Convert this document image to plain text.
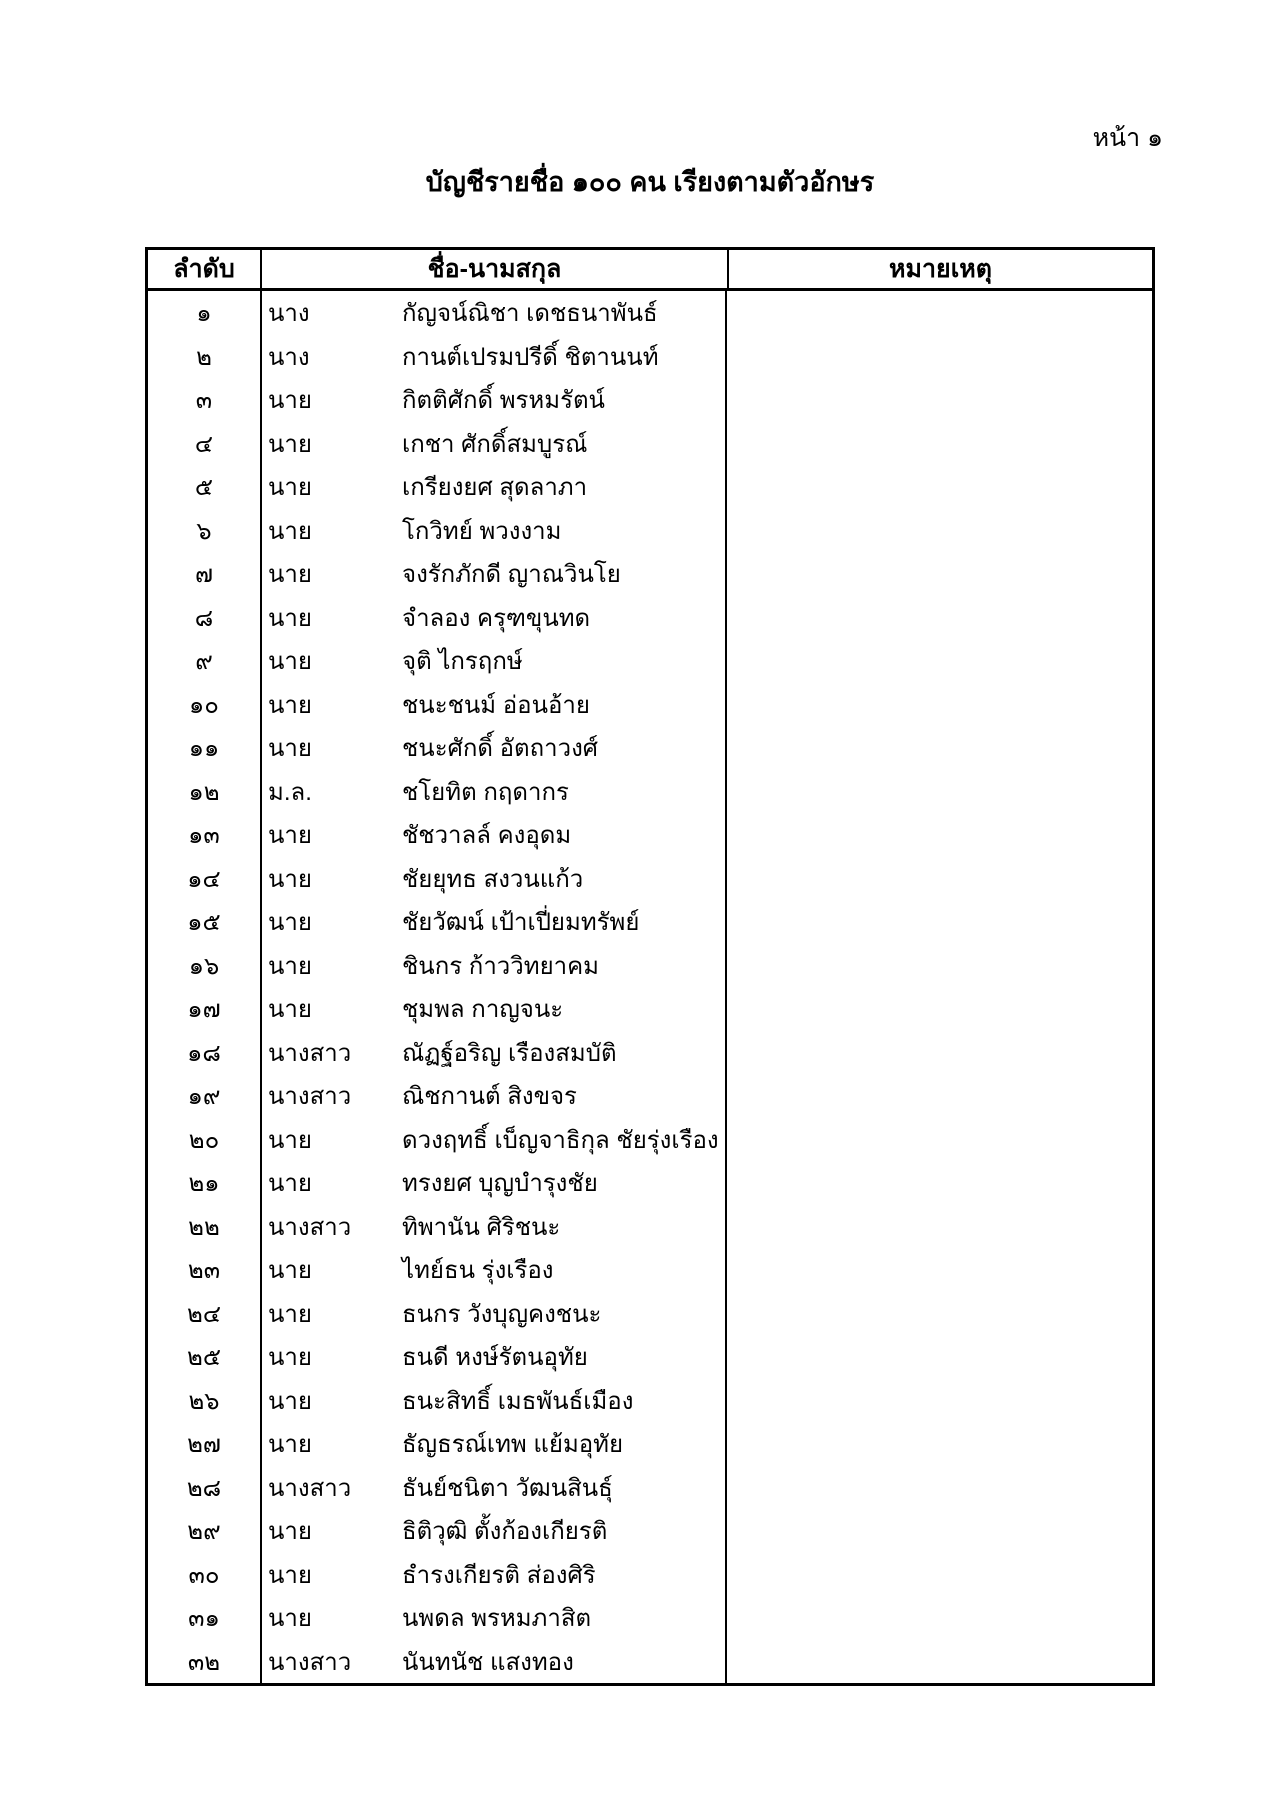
หน้า ๑
บัญชีรายชื่อ ๑๐๐ คน เรียงตามตัวอักษร
ลำดับ	ชื่อ-นามสกุล	หมายเหตุ
๑	นาง	กัญจน์ณิชา เดชธนาพันธ์
๒	นาง	กานต์เปรมปรีดิ์ ชิตานนท์
๓	นาย	กิตติศักดิ์ พรหมรัตน์
๔	นาย	เกชา ศักดิ์สมบูรณ์
๕	นาย	เกรียงยศ สุดลาภา
๖	นาย	โกวิทย์ พวงงาม
๗	นาย	จงรักภักดี ญาณวินโย
๘	นาย	จำลอง ครุฑขุนทด
๙	นาย	จุติ ไกรฤกษ์
๑๐	นาย	ชนะชนม์ อ่อนอ้าย
๑๑	นาย	ชนะศักดิ์ อัตถาวงศ์
๑๒	ม.ล.	ชโยทิต กฤดากร
๑๓	นาย	ชัชวาลล์ คงอุดม
๑๔	นาย	ชัยยุทธ สงวนแก้ว
๑๕	นาย	ชัยวัฒน์ เป้าเปี่ยมทรัพย์
๑๖	นาย	ชินกร ก้าววิทยาคม
๑๗	นาย	ชุมพล กาญจนะ
๑๘	นางสาว	ณัฏฐ์อริญ เรืองสมบัติ
๑๙	นางสาว	ณิชกานต์ สิงขจร
๒๐	นาย	ดวงฤทธิ์ เบ็ญจาธิกุล ชัยรุ่งเรือง
๒๑	นาย	ทรงยศ บุญบำรุงชัย
๒๒	นางสาว	ทิพานัน ศิริชนะ
๒๓	นาย	ไทย์ธน รุ่งเรือง
๒๔	นาย	ธนกร วังบุญคงชนะ
๒๕	นาย	ธนดี หงษ์รัตนอุทัย
๒๖	นาย	ธนะสิทธิ์ เมธพันธ์เมือง
๒๗	นาย	ธัญธรณ์เทพ แย้มอุทัย
๒๘	นางสาว	ธันย์ชนิตา วัฒนสินธุ์
๒๙	นาย	ธิติวุฒิ ตั้งก้องเกียรติ
๓๐	นาย	ธำรงเกียรติ ส่องศิริ
๓๑	นาย	นพดล พรหมภาสิต
๓๒	นางสาว	นันทนัช แสงทอง
